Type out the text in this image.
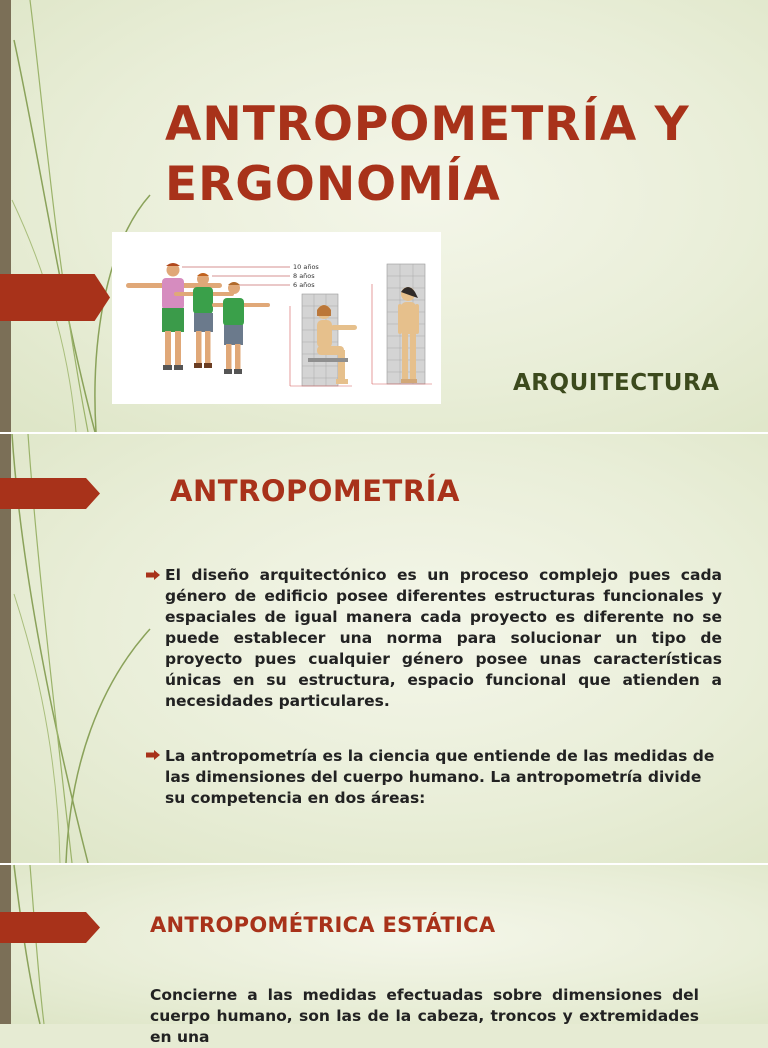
ANTROPOMETRÍA Y
ERGONOMÍA
10 años
8 años
6 años

ARQUITECTURA

ANTROPOMETRÍA

El diseño arquitectónico es un proceso complejo pues cada género de edificio posee diferentes estructuras funcionales y espaciales de igual manera cada proyecto es diferente no se puede establecer una norma para solucionar un tipo de proyecto pues cualquier género posee unas características únicas en su estructura, espacio funcional que atienden a necesidades particulares.

La antropometría es la ciencia que entiende de las medidas de las dimensiones del cuerpo humano. La antropometría divide su competencia en dos áreas:

ANTROPOMÉTRICA ESTÁTICA

Concierne a las medidas efectuadas sobre dimensiones del cuerpo humano, son las de la cabeza, troncos y extremidades en una
